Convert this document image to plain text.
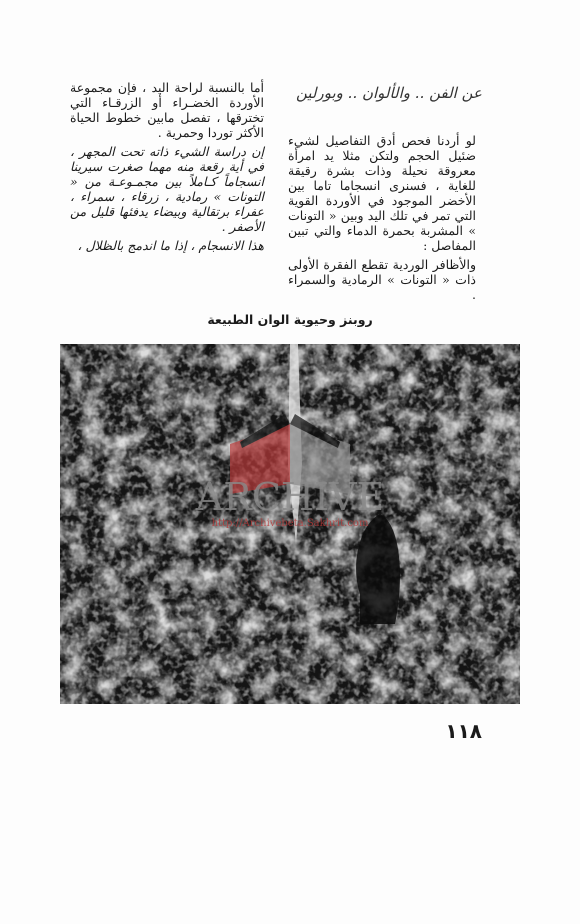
عن الفن .. والألوان .. وبورلين

لو أردنا فحص أدق التفاصيل لشيء ضئيل الحجم ولتكن مثلا يد امرأة معروقة نحيلة وذات بشرة رقيقة للغاية ، فسنرى انسجاما تاما بين الأخضر الموجود في الأوردة القوية التي تمر في تلك اليد وبين « التونات » المشربة بحمرة الدماء والتي تبين المفاصل :

والأظافر الوردية تقطع الفقرة الأولى ذات « التونات » الرمادية والسمراء .

أما بالنسبة لراحة اليد ، فإن مجموعة الأوردة الخضـراء أو الزرقـاء التي تخترقها ، تفصل مابين خطوط الحياة الأكثر توردا وحمرية .

إن دراسة الشيء ذاته تحت المجهر ، في أية رقعة منه مهما صغرت سيرينا انسجاماً كـاملاً بين مجمـوعـة من « التونات » رمادية ، زرقاء ، سمراء ، عفراء برتقالية وبيضاء يدفئها قليل من الأصفر .

هذا الانسجام ، إذا ما اندمج بالظلال ،

روبنز وحيوية الوان الطبيعة
ARCHIVE
http://Archivebeta.Sakhrit.com
١١٨
